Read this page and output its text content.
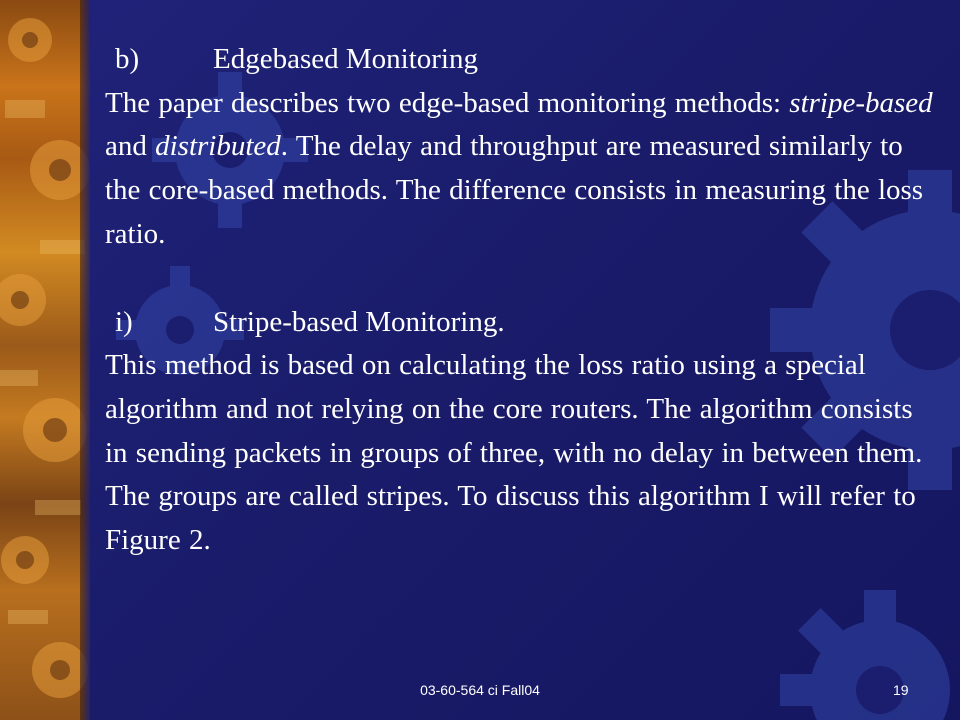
b)	Edgebased Monitoring
The paper describes two edge-based monitoring methods: stripe-based and distributed. The delay and throughput are measured similarly to the core-based methods. The difference consists in measuring the loss ratio.
i)	Stripe-based Monitoring.
This method is based on calculating the loss ratio using a special algorithm and not relying on the core routers. The algorithm consists in sending packets in groups of three, with no delay in between them. The groups are called stripes. To discuss this algorithm I will refer to Figure 2.
03-60-564 ci Fall04	19
